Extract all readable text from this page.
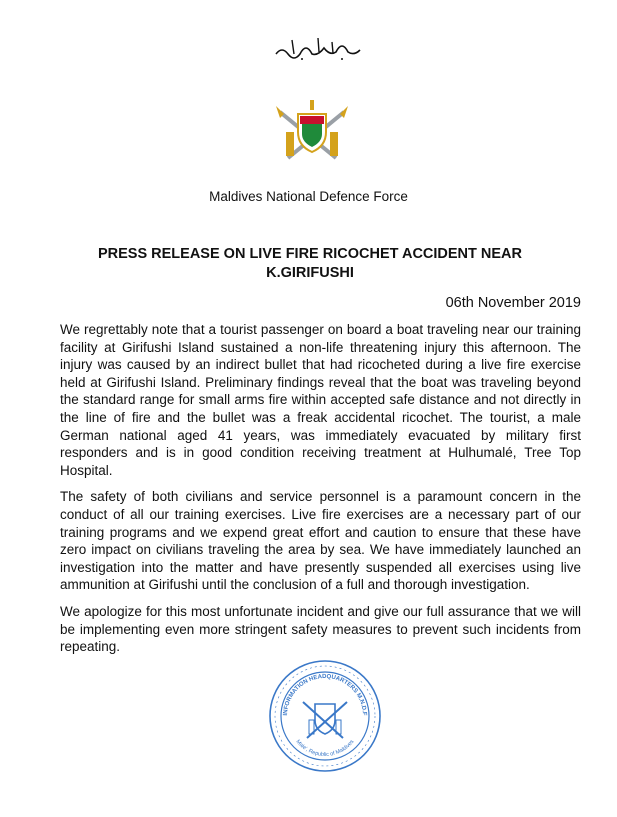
Maldives National Defence Force
PRESS RELEASE ON LIVE FIRE RICOCHET ACCIDENT NEAR
K.GIRIFUSHI
06th November 2019

We regrettably note that a tourist passenger on board a boat traveling near our training facility at Girifushi Island sustained a non-life threatening injury this afternoon. The injury was caused by an indirect bullet that had ricocheted during a live fire exercise held at Girifushi Island. Preliminary findings reveal that the boat was traveling beyond the standard range for small arms fire within accepted safe distance and not directly in the line of fire and the bullet was a freak accidental ricochet. The tourist, a male German national aged 41 years, was immediately evacuated by military first responders and is in good condition receiving treatment at Hulhumalé, Tree Top Hospital.

The safety of both civilians and service personnel is a paramount concern in the conduct of all our training exercises. Live fire exercises are a necessary part of our training programs and we expend great effort and caution to ensure that these have zero impact on civilians traveling the area by sea. We have immediately launched an investigation into the matter and have presently suspended all exercises using live ammunition at Girifushi until the conclusion of a full and thorough investigation.

We apologize for this most unfortunate incident and give our full assurance that we will be implementing even more stringent safety measures to prevent such incidents from repeating.

INFORMATION HEADQUARTERS M.N.D.F
Male', Republic of Maldives
